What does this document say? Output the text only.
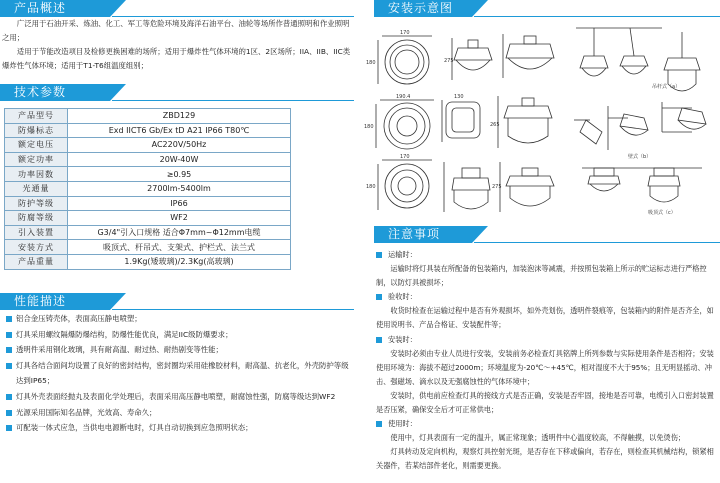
产品概述
广泛用于石油开采、炼油、化工、军工等危险环境及海洋石油平台、油轮等场所作普通照明和作业照明之用；
适用于节能改造项目及检修更换困难的场所；适用于爆炸性气体环境的1区、2区场所；IIA、IIB、IIC类爆炸性气体环境；适用于T1-T6组温度组别；
技术参数
产品型号	ZBD129
防爆标志	Exd IICT6 Gb/Ex tD A21 IP66 T80℃
额定电压	AC220V/50Hz
额定功率	20W-40W
功率因数	≥0.95
光通量	2700lm-5400lm
防护等级	IP66
防腐等级	WF2
引入装置	G3/4"引入口规格 适合Φ7mm~Φ12mm电缆
安装方式	吸顶式、杆吊式、支架式、护栏式、法兰式
产品重量	1.9Kg(矮玻璃)/2.3Kg(高玻璃)
性能描述
铝合金压铸壳体，表面高压静电喷塑；
灯具采用螺纹隔爆防爆结构，防爆性能优良，满足IIC级防爆要求；
透明件采用钢化玻璃，具有耐高温、耐过热、耐热剧变等性能；
灯具各结合面间均设置了良好的密封结构，密封圈均采用硅橡胶材料，耐高温、抗老化，外壳防护等级达到IP65；
灯具外壳表面经抛丸及表面化学处理后，表面采用高压静电喷塑，耐腐蚀性强，防腐等级达到WF2
光源采用国际知名品牌，光效高、寿命久；
可配装一体式应急，当供电电源断电时，灯具自动切换到应急照明状态；
安装示意图
170
180	275
190.4
180	265
130
170
180	275
吊杆式（a）
壁式（b）
吸顶式（c）
注意事项
运输时：
运输时将灯具装在所配备的包装箱内，加装泡沫等减震，并按照包装箱上所示的贮运标志进行严格控制，以防灯具被损坏；
验收时：
收货时检查在运输过程中是否有外观损坏，如外壳划伤，透明件裂痕等，包装箱内的附件是否齐全，如使用说明书、产品合格证、安装配件等；
安装时：
安装时必须由专业人员进行安装，安装前务必检查灯具铭牌上所列参数与实际使用条件是否相符；安装使用环境为：海拔不超过2000m；环境温度为-20℃～+45℃，相对湿度不大于95%；且无明显摇动、冲击、强磁场、滴水以及无强腐蚀性的气体环境中；
安装时，供电前应检查灯具的接线方式是否正确，安装是否牢固，接地是否可靠，电缆引入口密封装置是否压紧，确保安全后才可正常供电；
使用时：
使用中，灯具表面有一定的温升，属正常现象；透明件中心温度较高，不得触摸，以免烫伤；
灯具转动及定向机构，观察灯具控射光斑，是否存在下移或偏向，若存在，则检查其机械结构，锁紧相关器件，若某结部件老化，则需要更换。
